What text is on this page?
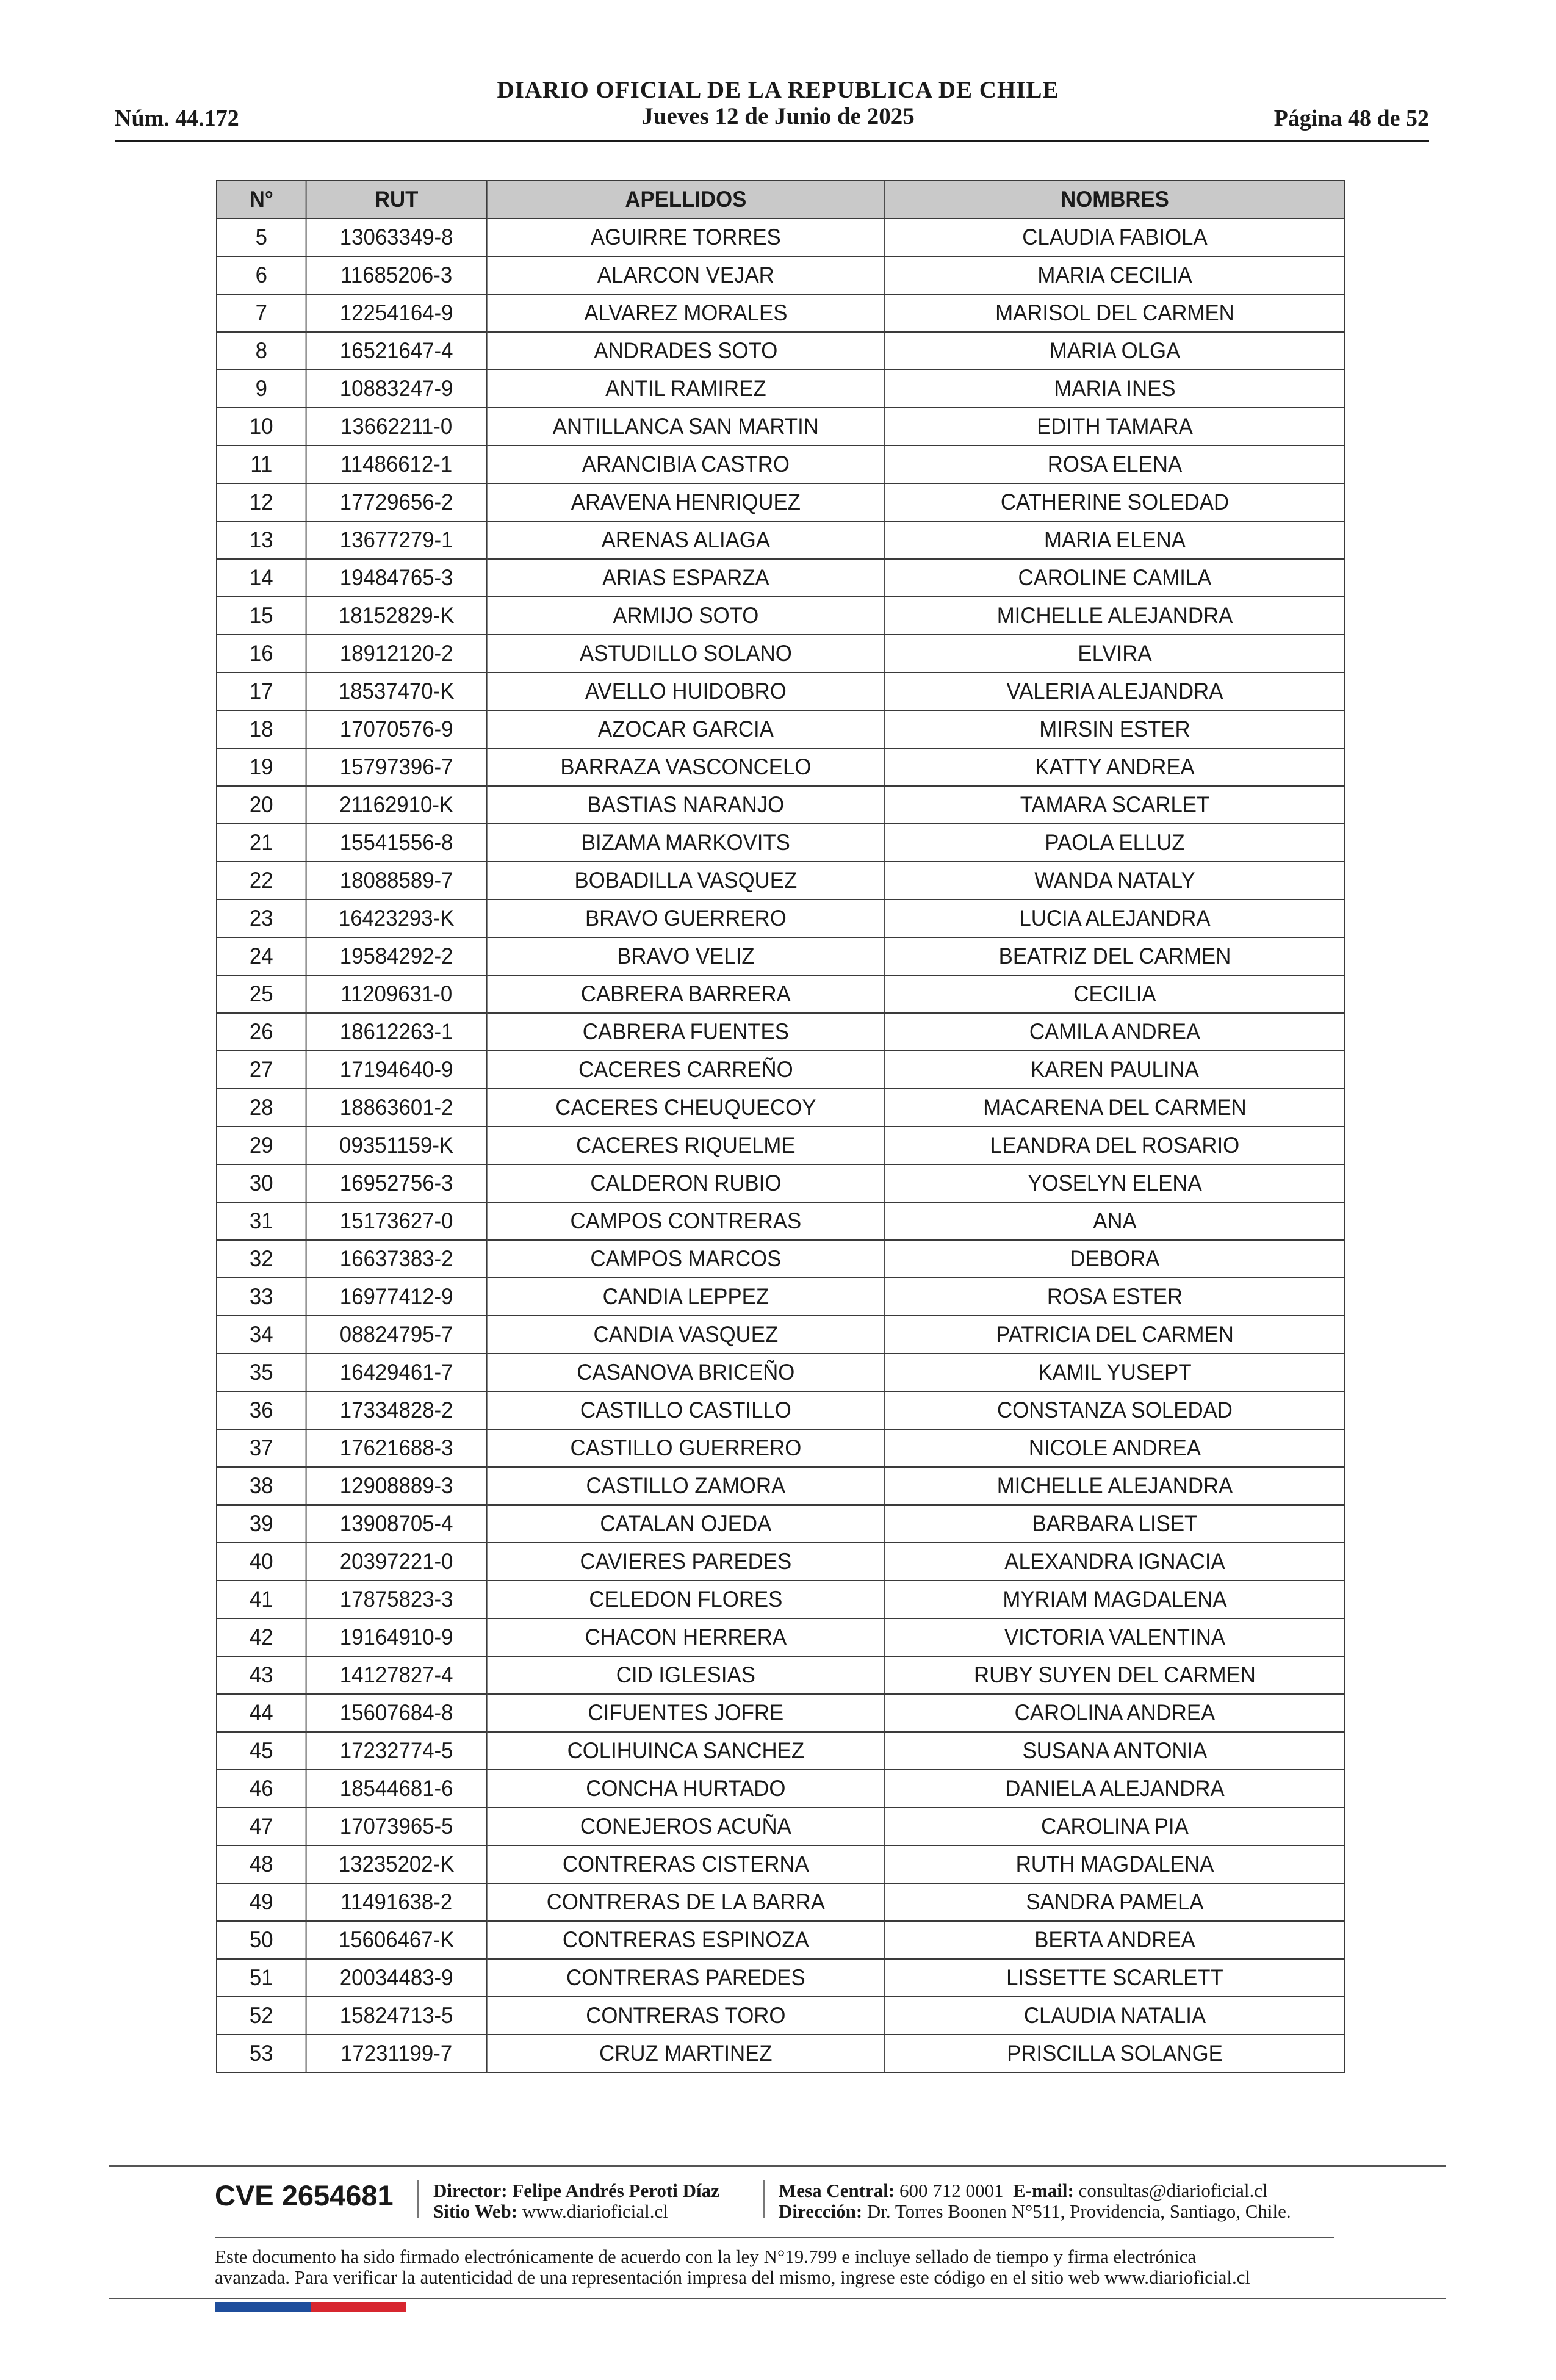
DIARIO OFICIAL DE LA REPUBLICA DE CHILE
Jueves 12 de Junio de 2025
Núm. 44.172	Página 48 de 52
N°	RUT	APELLIDOS	NOMBRES
5	13063349-8	AGUIRRE TORRES	CLAUDIA FABIOLA
6	11685206-3	ALARCON VEJAR	MARIA CECILIA
7	12254164-9	ALVAREZ MORALES	MARISOL DEL CARMEN
8	16521647-4	ANDRADES SOTO	MARIA OLGA
9	10883247-9	ANTIL RAMIREZ	MARIA INES
10	13662211-0	ANTILLANCA SAN MARTIN	EDITH TAMARA
11	11486612-1	ARANCIBIA CASTRO	ROSA ELENA
12	17729656-2	ARAVENA HENRIQUEZ	CATHERINE SOLEDAD
13	13677279-1	ARENAS ALIAGA	MARIA ELENA
14	19484765-3	ARIAS ESPARZA	CAROLINE CAMILA
15	18152829-K	ARMIJO SOTO	MICHELLE ALEJANDRA
16	18912120-2	ASTUDILLO SOLANO	ELVIRA
17	18537470-K	AVELLO HUIDOBRO	VALERIA ALEJANDRA
18	17070576-9	AZOCAR GARCIA	MIRSIN ESTER
19	15797396-7	BARRAZA VASCONCELO	KATTY ANDREA
20	21162910-K	BASTIAS NARANJO	TAMARA SCARLET
21	15541556-8	BIZAMA MARKOVITS	PAOLA ELLUZ
22	18088589-7	BOBADILLA VASQUEZ	WANDA NATALY
23	16423293-K	BRAVO GUERRERO	LUCIA ALEJANDRA
24	19584292-2	BRAVO VELIZ	BEATRIZ DEL CARMEN
25	11209631-0	CABRERA BARRERA	CECILIA
26	18612263-1	CABRERA FUENTES	CAMILA ANDREA
27	17194640-9	CACERES CARREÑO	KAREN PAULINA
28	18863601-2	CACERES CHEUQUECOY	MACARENA DEL CARMEN
29	09351159-K	CACERES RIQUELME	LEANDRA DEL ROSARIO
30	16952756-3	CALDERON RUBIO	YOSELYN ELENA
31	15173627-0	CAMPOS CONTRERAS	ANA
32	16637383-2	CAMPOS MARCOS	DEBORA
33	16977412-9	CANDIA LEPPEZ	ROSA ESTER
34	08824795-7	CANDIA VASQUEZ	PATRICIA DEL CARMEN
35	16429461-7	CASANOVA BRICEÑO	KAMIL YUSEPT
36	17334828-2	CASTILLO CASTILLO	CONSTANZA SOLEDAD
37	17621688-3	CASTILLO GUERRERO	NICOLE ANDREA
38	12908889-3	CASTILLO ZAMORA	MICHELLE ALEJANDRA
39	13908705-4	CATALAN OJEDA	BARBARA LISET
40	20397221-0	CAVIERES PAREDES	ALEXANDRA IGNACIA
41	17875823-3	CELEDON FLORES	MYRIAM MAGDALENA
42	19164910-9	CHACON HERRERA	VICTORIA VALENTINA
43	14127827-4	CID IGLESIAS	RUBY SUYEN DEL CARMEN
44	15607684-8	CIFUENTES JOFRE	CAROLINA ANDREA
45	17232774-5	COLIHUINCA SANCHEZ	SUSANA ANTONIA
46	18544681-6	CONCHA HURTADO	DANIELA ALEJANDRA
47	17073965-5	CONEJEROS ACUÑA	CAROLINA PIA
48	13235202-K	CONTRERAS CISTERNA	RUTH MAGDALENA
49	11491638-2	CONTRERAS DE LA BARRA	SANDRA PAMELA
50	15606467-K	CONTRERAS ESPINOZA	BERTA ANDREA
51	20034483-9	CONTRERAS PAREDES	LISSETTE SCARLETT
52	15824713-5	CONTRERAS TORO	CLAUDIA NATALIA
53	17231199-7	CRUZ MARTINEZ	PRISCILLA SOLANGE
CVE 2654681 Director: Felipe Andrés Peroti Díaz
Sitio Web: www.diarioficial.cl
Mesa Central: 600 712 0001 E-mail: consultas@diarioficial.cl
Dirección: Dr. Torres Boonen N°511, Providencia, Santiago, Chile.
Este documento ha sido firmado electrónicamente de acuerdo con la ley N°19.799 e incluye sellado de tiempo y firma electrónica
avanzada. Para verificar la autenticidad de una representación impresa del mismo, ingrese este código en el sitio web www.diarioficial.cl
